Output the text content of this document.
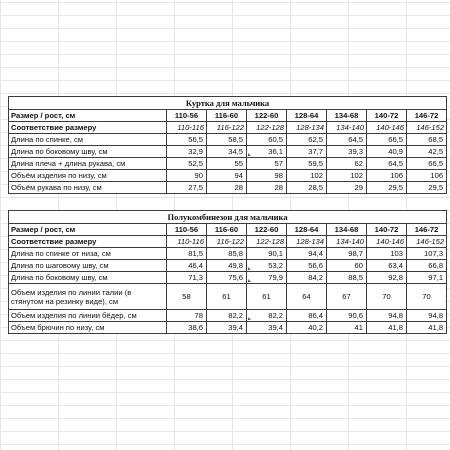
Куртка для мальчика							
Размер / рост, см	110-56	116-60	122-60	128-64	134-68	140-72	146-72
Соответствие размеру	110-116	116-122	122-128	128-134	134-140	140-146	146-152
Длина по спинке, см	56,5	58,5	60,5	62,5	64,5	66,5	68,5
Длина по боковому шву, см	32,9	34,5	36,1	37,7	39,3	40,9	42,5
Длина плеча + длина рукава, см	52,5	55	57	59,5	62	64,5	66,5
Объём изделия по низу, см	90	94	98	102	102	106	106
Объём рукава по низу, см	27,5	28	28	28,5	29	29,5	29,5
Полукомбинезон для мальчика							
Размер / рост, см	110-56	116-60	122-60	128-64	134-68	140-72	146-72
Соответствие размеру	110-116	116-122	122-128	128-134	134-140	140-146	146-152
Длина по спинке от низа, см	81,5	85,8	90,1	94,4	98,7	103	107,3
Длина по шаговому шву, см	46,4	49,8	53,2	56,6	60	63,4	66,8
Длина по боковому шву, см	71,3	75,6	79,9	84,2	88,5	92,8	97,1
Объем изделия по линии талии (в
стянутом на резинку виде), см	58	61	61	64	67	70	70
Объем изделия по линии бёдер, см	78	82,2	82,2	86,4	90,6	94,8	94,8
Объем брючин по низу, см	38,6	39,4	39,4	40,2	41	41,8	41,8
